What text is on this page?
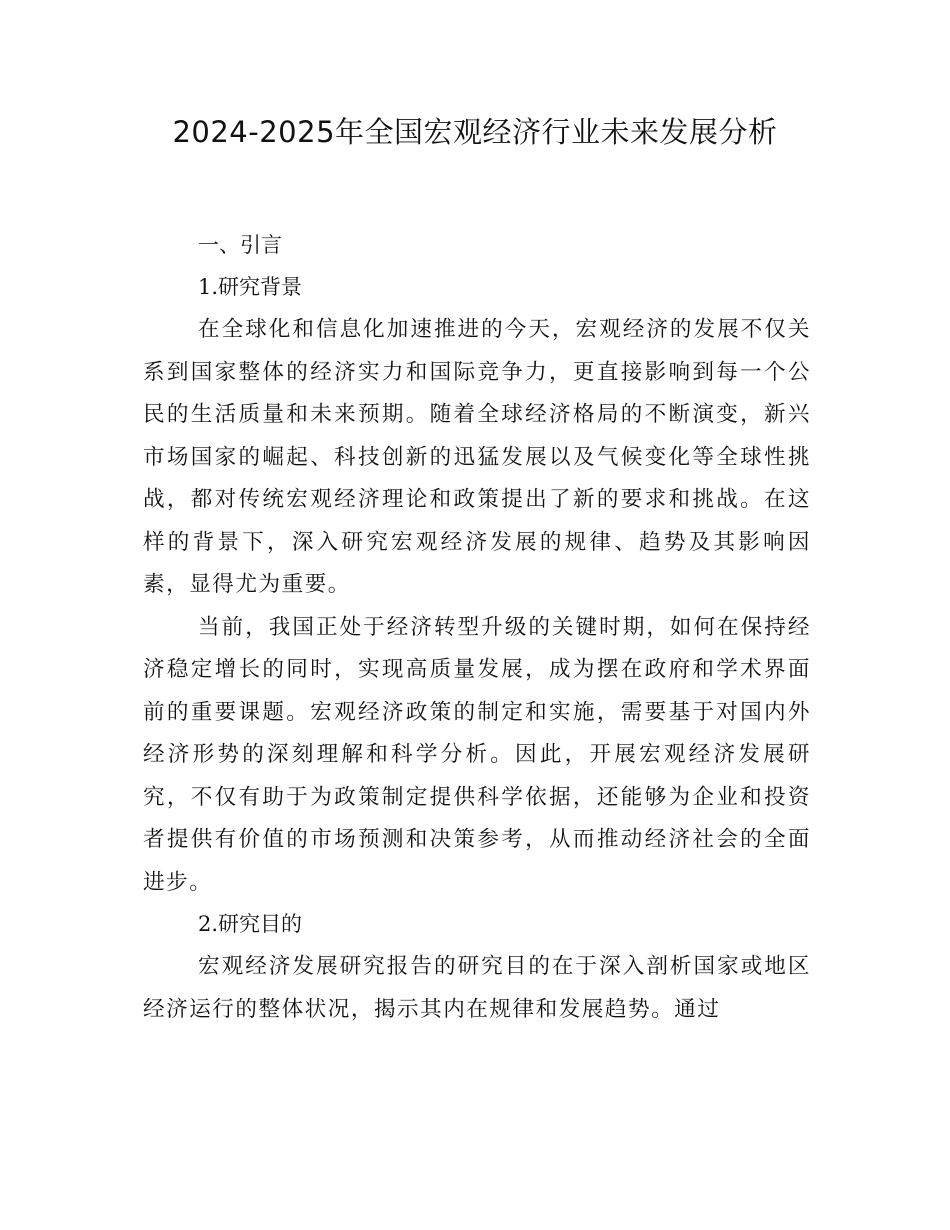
2024-2025年全国宏观经济行业未来发展分析
一、引言
1.研究背景

在全球化和信息化加速推进的今天，宏观经济的发展不仅关系到国家整体的经济实力和国际竞争力，更直接影响到每一个公民的生活质量和未来预期。随着全球经济格局的不断演变，新兴市场国家的崛起、科技创新的迅猛发展以及气候变化等全球性挑战，都对传统宏观经济理论和政策提出了新的要求和挑战。在这样的背景下，深入研究宏观经济发展的规律、趋势及其影响因素，显得尤为重要。

当前，我国正处于经济转型升级的关键时期，如何在保持经济稳定增长的同时，实现高质量发展，成为摆在政府和学术界面前的重要课题。宏观经济政策的制定和实施，需要基于对国内外经济形势的深刻理解和科学分析。因此，开展宏观经济发展研究，不仅有助于为政策制定提供科学依据，还能够为企业和投资者提供有价值的市场预测和决策参考，从而推动经济社会的全面进步。

2.研究目的

宏观经济发展研究报告的研究目的在于深入剖析国家或地区经济运行的整体状况，揭示其内在规律和发展趋势。通过
